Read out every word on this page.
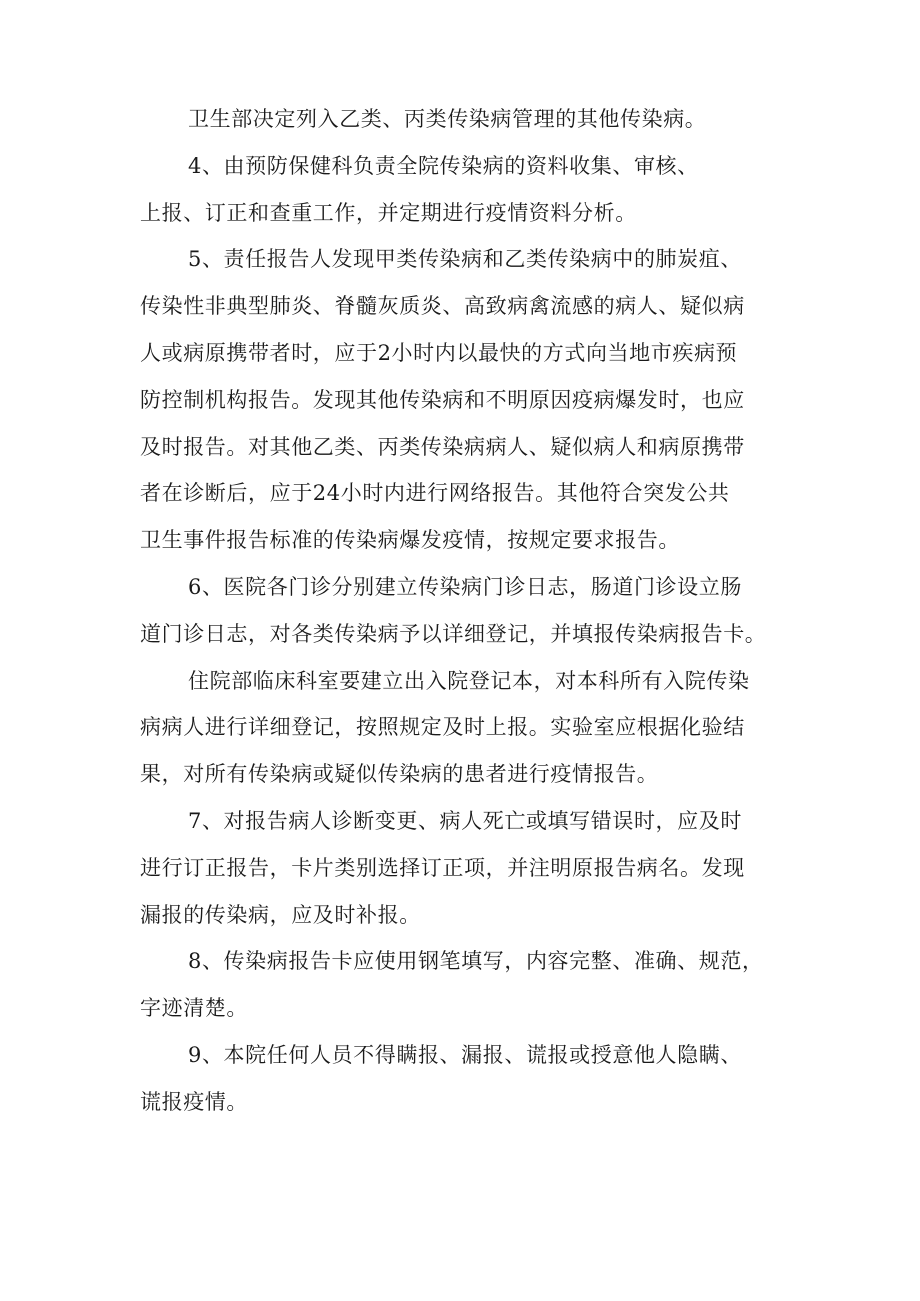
卫生部决定列入乙类、丙类传染病管理的其他传染病。
4、由预防保健科负责全院传染病的资料收集、审核、
上报、订正和查重工作，并定期进行疫情资料分析。
5、责任报告人发现甲类传染病和乙类传染病中的肺炭疽、
传染性非典型肺炎、脊髓灰质炎、高致病禽流感的病人、疑似病
人或病原携带者时，应于2小时内以最快的方式向当地市疾病预
防控制机构报告。发现其他传染病和不明原因疫病爆发时，也应
及时报告。对其他乙类、丙类传染病病人、疑似病人和病原携带
者在诊断后，应于24小时内进行网络报告。其他符合突发公共
卫生事件报告标准的传染病爆发疫情，按规定要求报告。
6、医院各门诊分别建立传染病门诊日志，肠道门诊设立肠
道门诊日志，对各类传染病予以详细登记，并填报传染病报告卡。
住院部临床科室要建立出入院登记本，对本科所有入院传染
病病人进行详细登记，按照规定及时上报。实验室应根据化验结
果，对所有传染病或疑似传染病的患者进行疫情报告。
7、对报告病人诊断变更、病人死亡或填写错误时，应及时
进行订正报告，卡片类别选择订正项，并注明原报告病名。发现
漏报的传染病，应及时补报。
8、传染病报告卡应使用钢笔填写，内容完整、准确、规范，
字迹清楚。
9、本院任何人员不得瞒报、漏报、谎报或授意他人隐瞒、
谎报疫情。
